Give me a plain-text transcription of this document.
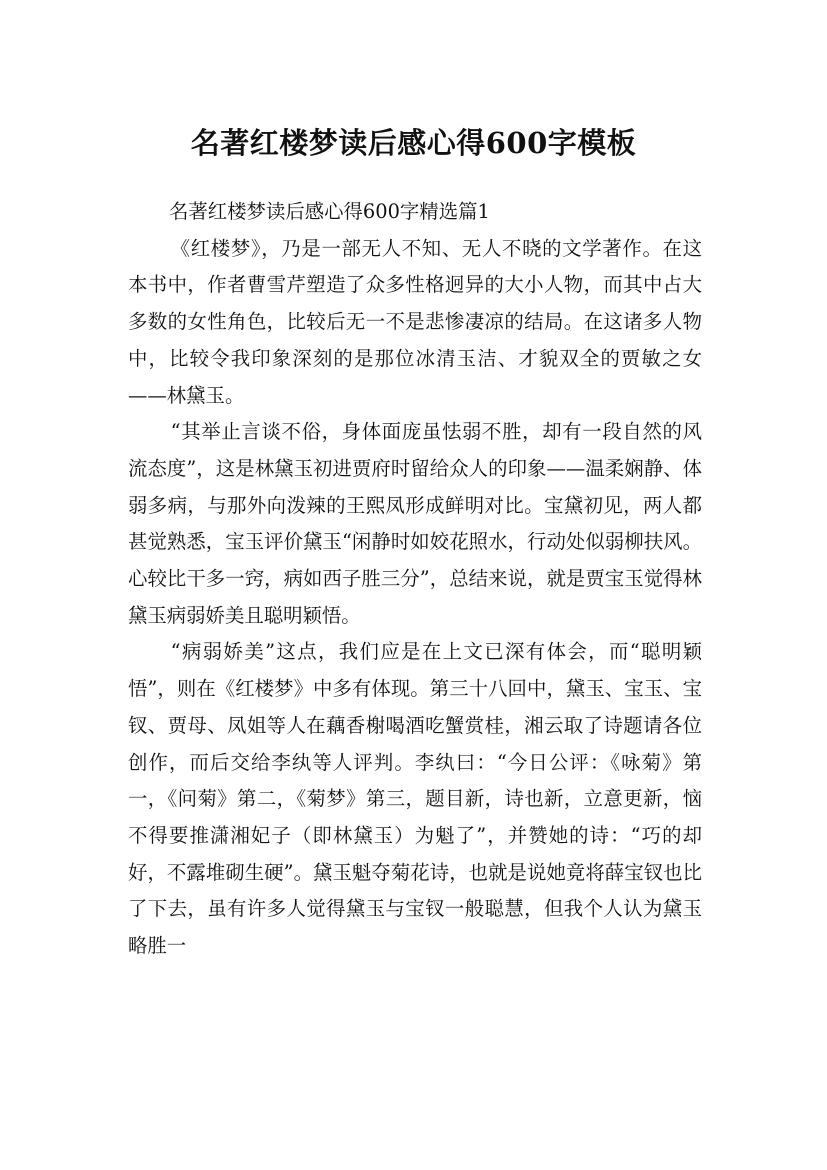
名著红楼梦读后感心得600字模板

名著红楼梦读后感心得600字精选篇1

《红楼梦》，乃是一部无人不知、无人不晓的文学著作。在这本书中，作者曹雪芹塑造了众多性格迥异的大小人物，而其中占大多数的女性角色，比较后无一不是悲惨凄凉的结局。在这诸多人物中，比较令我印象深刻的是那位冰清玉洁、才貌双全的贾敏之女——林黛玉。

“其举止言谈不俗，身体面庞虽怯弱不胜，却有一段自然的风流态度”，这是林黛玉初进贾府时留给众人的印象——温柔娴静、体弱多病，与那外向泼辣的王熙凤形成鲜明对比。宝黛初见，两人都甚觉熟悉，宝玉评价黛玉“闲静时如姣花照水，行动处似弱柳扶风。心较比干多一窍，病如西子胜三分”，总结来说，就是贾宝玉觉得林黛玉病弱娇美且聪明颖悟。

“病弱娇美”这点，我们应是在上文已深有体会，而“聪明颖悟”，则在《红楼梦》中多有体现。第三十八回中，黛玉、宝玉、宝钗、贾母、凤姐等人在藕香榭喝酒吃蟹赏桂，湘云取了诗题请各位创作，而后交给李纨等人评判。李纨曰：“今日公评：《咏菊》第一，《问菊》第二，《菊梦》第三，题目新，诗也新，立意更新，恼不得要推潇湘妃子（即林黛玉）为魁了”，并赞她的诗：“巧的却好，不露堆砌生硬”。黛玉魁夺菊花诗，也就是说她竟将薛宝钗也比了下去，虽有许多人觉得黛玉与宝钗一般聪慧，但我个人认为黛玉略胜一
